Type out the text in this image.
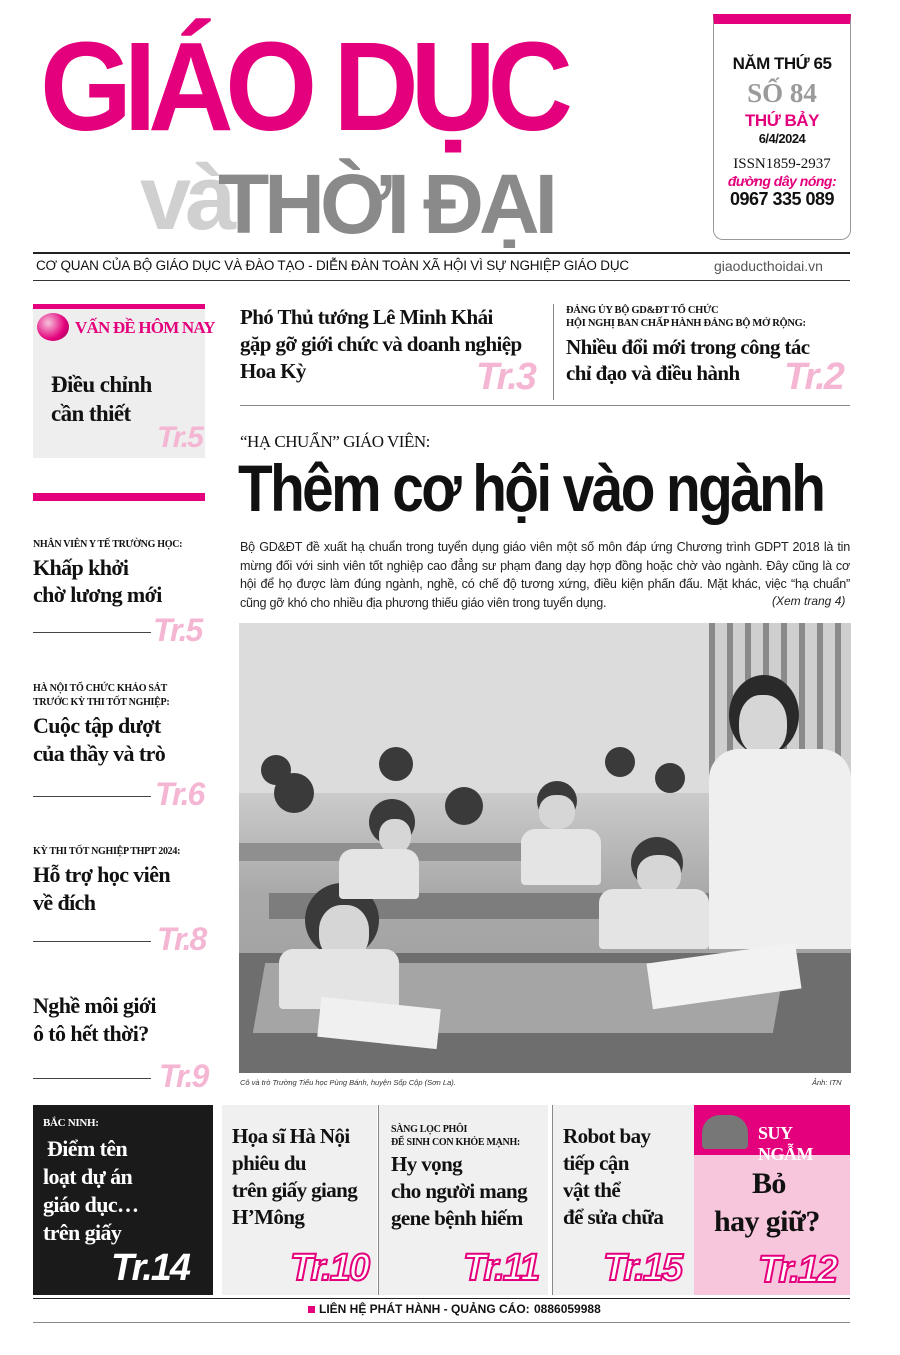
GIÁO DỤC
và
THỜI ĐẠI
NĂM THỨ 65
SỐ 84
THỨ BẢY
6/4/2024
ISSN1859-2937
đường dây nóng:
0967 335 089
CƠ QUAN CỦA BỘ GIÁO DỤC VÀ ĐÀO TẠO - DIỄN ĐÀN TOÀN XÃ HỘI VÌ SỰ NGHIỆP GIÁO DỤC	giaoducthoidai.vn
VẤN ĐỀ HÔM NAY
Điều chỉnh
cần thiết
Tr.5
Phó Thủ tướng Lê Minh Khái
gặp gỡ giới chức và doanh nghiệp
Hoa Kỳ	Tr.3
ĐẢNG ỦY BỘ GD&ĐT TỔ CHỨC
HỘI NGHỊ BAN CHẤP HÀNH ĐẢNG BỘ MỞ RỘNG:
Nhiều đổi mới trong công tác
chỉ đạo và điều hành Tr.2
“HẠ CHUẨN” GIÁO VIÊN:
Thêm cơ hội vào ngành
Bộ GD&ĐT đề xuất hạ chuẩn trong tuyển dụng giáo viên một số môn đáp ứng Chương trình GDPT 2018 là tin mừng đối với sinh viên tốt nghiệp cao đẳng sư phạm đang dạy hợp đồng hoặc chờ vào ngành. Đây cũng là cơ hội để họ được làm đúng ngành, nghề, có chế độ tương xứng, điều kiện phấn đấu. Mặt khác, việc “hạ chuẩn” cũng gỡ khó cho nhiều địa phương thiếu giáo viên trong tuyển dụng.	(Xem trang 4)
Cô và trò Trường Tiểu học Pùng Bánh, huyện Sốp Cộp (Sơn La).	Ảnh: ITN
NHÂN VIÊN Y TẾ TRƯỜNG HỌC:
Khấp khởi
chờ lương mới
Tr.5
HÀ NỘI TỔ CHỨC KHẢO SÁT
TRƯỚC KỲ THI TỐT NGHIỆP:
Cuộc tập dượt
của thầy và trò
Tr.6
KỲ THI TỐT NGHIỆP THPT 2024:
Hỗ trợ học viên
về đích
Tr.8
Nghề môi giới
ô tô hết thời?
Tr.9
BẮC NINH:
Điểm tên
loạt dự án
giáo dục…
trên giấy
Tr.14
Họa sĩ Hà Nội
phiêu du
trên giấy giang
H’Mông
Tr.10
SÀNG LỌC PHÔI
ĐỂ SINH CON KHỎE MẠNH:
Hy vọng
cho người mang
gene bệnh hiếm
Tr.11
Robot bay
tiếp cận
vật thể
để sửa chữa
Tr.15
SUY NGẪM
Bỏ
hay giữ?
Tr.12
LIÊN HỆ PHÁT HÀNH - QUẢNG CÁO: 0886059988
